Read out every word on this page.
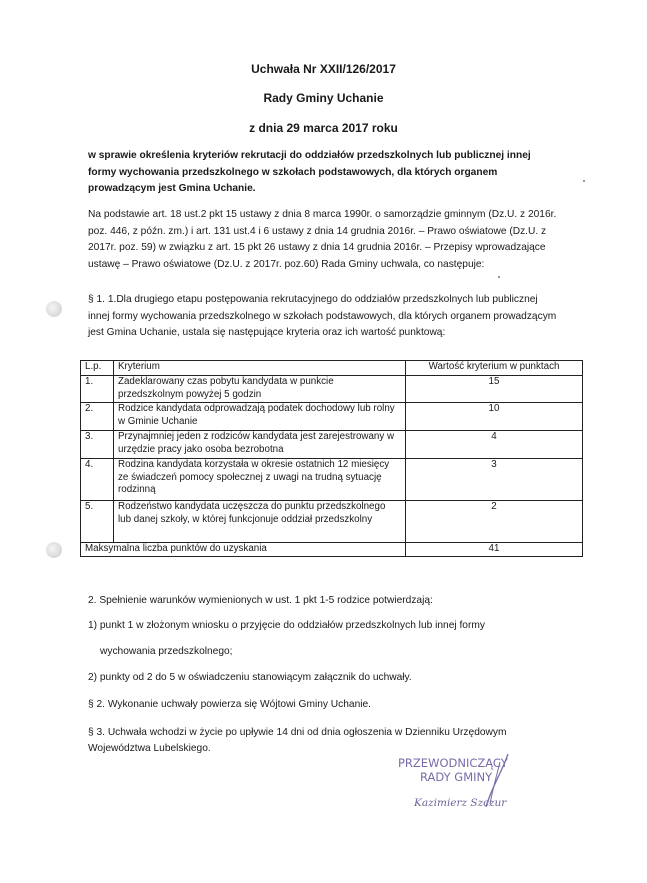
Uchwała Nr XXII/126/2017
Rady Gminy Uchanie
z dnia 29 marca 2017 roku
w sprawie określenia kryteriów rekrutacji do oddziałów przedszkolnych lub publicznej innej formy wychowania przedszkolnego w szkołach podstawowych, dla których organem prowadzącym jest Gmina Uchanie.
Na podstawie art. 18 ust.2 pkt 15 ustawy z dnia 8 marca 1990r. o samorządzie gminnym (Dz.U. z 2016r. poz. 446, z późn. zm.) i art. 131 ust.4 i 6 ustawy z dnia 14 grudnia 2016r. – Prawo oświatowe (Dz.U. z 2017r. poz. 59) w związku z art. 15 pkt 26 ustawy z dnia 14 grudnia 2016r. – Przepisy wprowadzające ustawę – Prawo oświatowe (Dz.U. z 2017r. poz.60) Rada Gminy uchwala, co następuje:
§ 1. 1.Dla drugiego etapu postępowania rekrutacyjnego do oddziałów przedszkolnych lub publicznej innej formy wychowania przedszkolnego w szkołach podstawowych, dla których organem prowadzącym jest Gmina Uchanie, ustala się następujące kryteria oraz ich wartość punktową:
L.p.	Kryterium	Wartość kryterium w punktach
1.	Zadeklarowany czas pobytu kandydata w punkcie przedszkolnym powyżej 5 godzin	15
2.	Rodzice kandydata odprowadzają podatek dochodowy lub rolny w Gminie Uchanie	10
3.	Przynajmniej jeden z rodziców kandydata jest zarejestrowany w urzędzie pracy jako osoba bezrobotna	4
4.	Rodzina kandydata korzystała w okresie ostatnich 12 miesięcy ze świadczeń pomocy społecznej z uwagi na trudną sytuację rodzinną	3
5.	Rodzeństwo kandydata uczęszcza do punktu przedszkolnego lub danej szkoły, w której funkcjonuje oddział przedszkolny	2
Maksymalna liczba punktów do uzyskania		41
2. Spełnienie warunków wymienionych w ust. 1 pkt 1-5 rodzice potwierdzają:
1) punkt 1 w złożonym wniosku o przyjęcie do oddziałów przedszkolnych lub innej formy
wychowania przedszkolnego;
2) punkty od 2 do 5 w oświadczeniu stanowiącym załącznik do uchwały.
§ 2. Wykonanie uchwały powierza się Wójtowi Gminy Uchanie.
§ 3. Uchwała wchodzi w życie po upływie 14 dni od dnia ogłoszenia w Dzienniku Urzędowym Województwa Lubelskiego.
PRZEWODNICZĄCY
RADY GMINY
Kazimierz Szczur
